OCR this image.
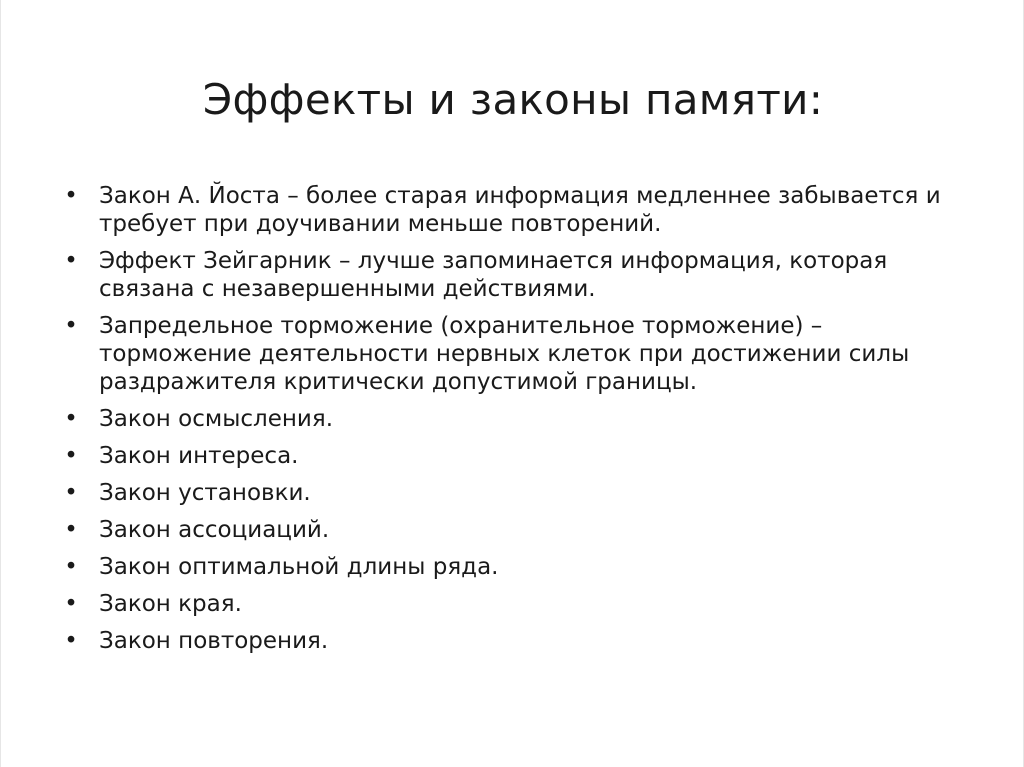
Эффекты и законы памяти:
• Закон А. Йоста – более старая информация медленнее забывается и требует при доучивании меньше повторений.
• Эффект Зейгарник – лучше запоминается информация, которая связана с незавершенными действиями.
• Запредельное торможение (охранительное торможение) – торможение деятельности нервных клеток при достижении силы раздражителя критически допустимой границы.
• Закон осмысления.
• Закон интереса.
• Закон установки.
• Закон ассоциаций.
• Закон оптимальной длины ряда.
• Закон края.
• Закон повторения.
